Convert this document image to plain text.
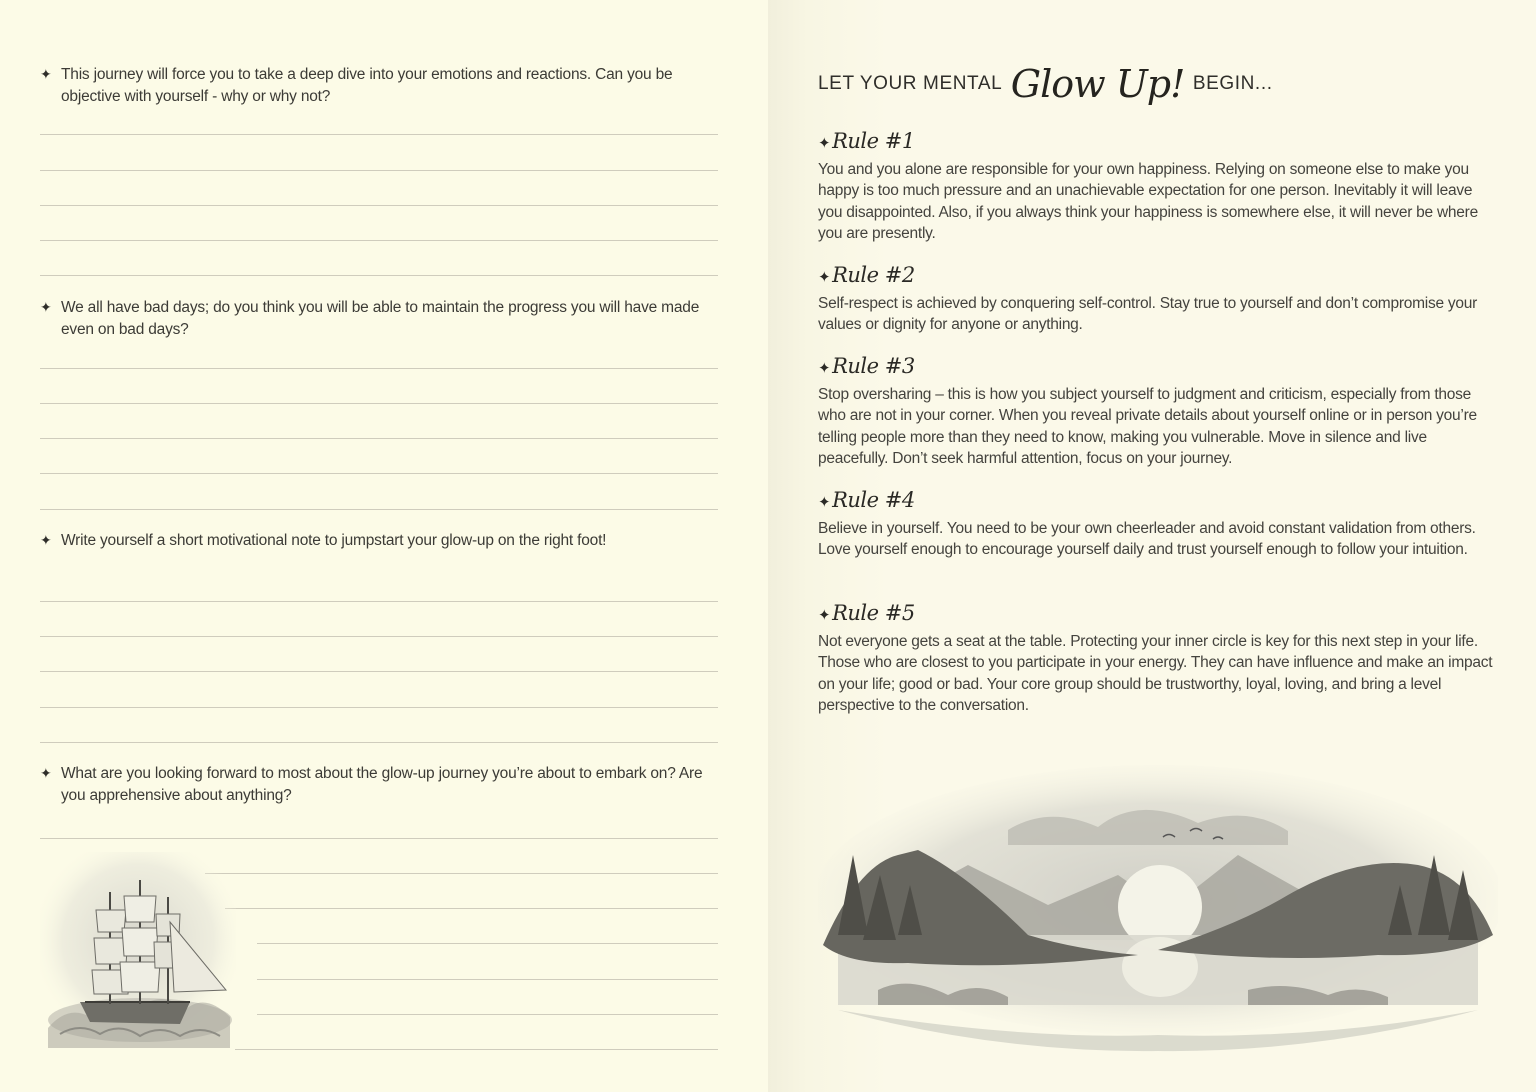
✦ This journey will force you to take a deep dive into your emotions and reactions. Can you be objective with yourself - why or why not?
✦ We all have bad days; do you think you will be able to maintain the progress you will have made even on bad days?
✦ Write yourself a short motivational note to jumpstart your glow-up on the right foot!
✦ What are you looking forward to most about the glow-up journey you’re about to embark on? Are you apprehensive about anything?
LET YOUR MENTAL Glow Up! BEGIN...
✦Rule #1
You and you alone are responsible for your own happiness. Relying on someone else to make you happy is too much pressure and an unachievable expectation for one person. Inevitably it will leave you disappointed. Also, if you always think your happiness is somewhere else, it will never be where you are presently.
✦Rule #2
Self-respect is achieved by conquering self-control. Stay true to yourself and don’t compromise your values or dignity for anyone or anything.
✦Rule #3
Stop oversharing – this is how you subject yourself to judgment and criticism, especially from those who are not in your corner. When you reveal private details about yourself online or in person you’re telling people more than they need to know, making you vulnerable. Move in silence and live peacefully. Don’t seek harmful attention, focus on your journey.
✦Rule #4
Believe in yourself. You need to be your own cheerleader and avoid constant validation from others. Love yourself enough to encourage yourself daily and trust yourself enough to follow your intuition.
✦Rule #5
Not everyone gets a seat at the table. Protecting your inner circle is key for this next step in your life. Those who are closest to you participate in your energy. They can have influence and make an impact on your life; good or bad. Your core group should be trustworthy, loyal, loving, and bring a level perspective to the conversation.
